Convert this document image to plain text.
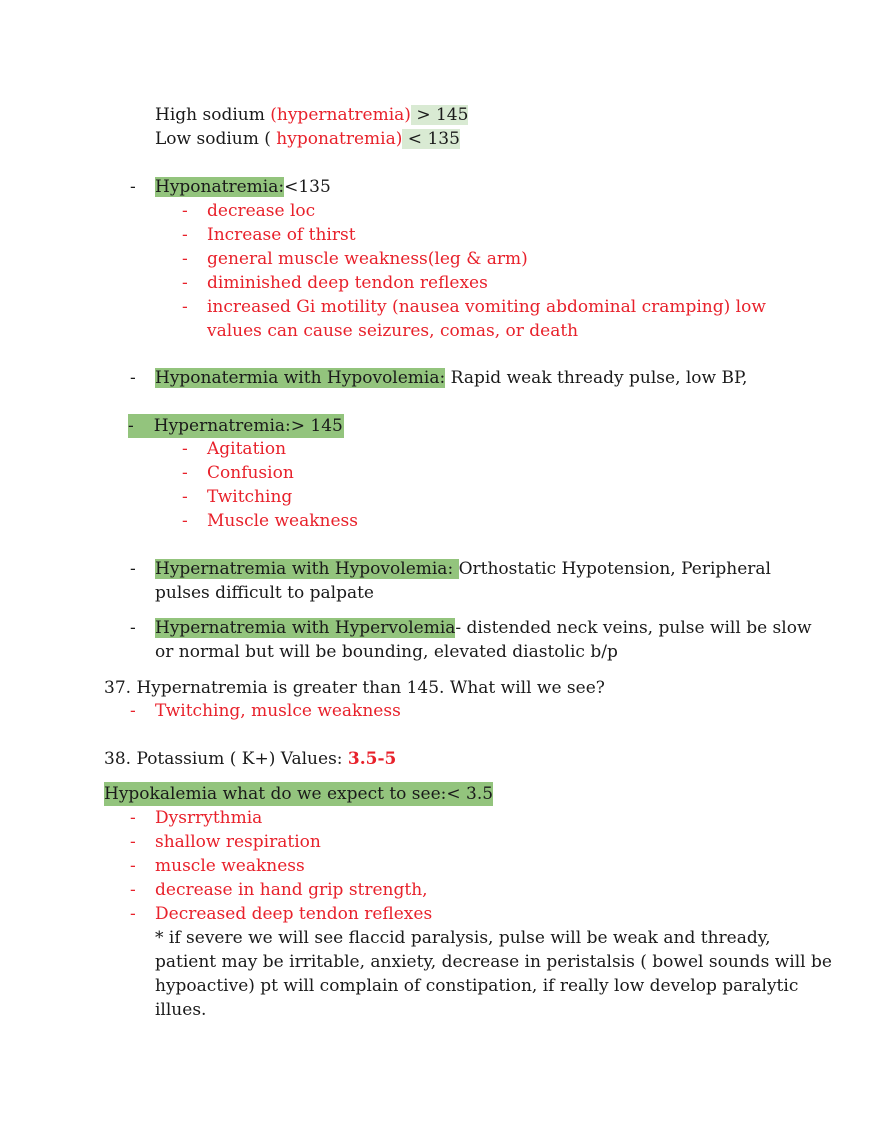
High sodium (hypernatremia) > 145
Low sodium ( hyponatremia) < 135
- Hyponatremia:<135
- decrease loc
- Increase of thirst
- general muscle weakness(leg & arm)
- diminished deep tendon reflexes
- increased Gi motility (nausea vomiting abdominal cramping) low
values can cause seizures, comas, or death
- Hyponatermia with Hypovolemia: Rapid weak thready pulse, low BP,
- Hypernatremia:> 145
- Agitation
- Confusion
- Twitching
- Muscle weakness
- Hypernatremia with Hypovolemia: Orthostatic Hypotension, Peripheral
pulses difficult to palpate
- Hypernatremia with Hypervolemia- distended neck veins, pulse will be slow
or normal but will be bounding, elevated diastolic b/p
37. Hypernatremia is greater than 145. What will we see?
- Twitching, muslce weakness
38. Potassium ( K+) Values: 3.5-5
Hypokalemia what do we expect to see:< 3.5
- Dysrrythmia
- shallow respiration
- muscle weakness
- decrease in hand grip strength,
- Decreased deep tendon reflexes
* if severe we will see flaccid paralysis, pulse will be weak and thready,
patient may be irritable, anxiety, decrease in peristalsis ( bowel sounds will be
hypoactive) pt will complain of constipation, if really low develop paralytic
illues.
